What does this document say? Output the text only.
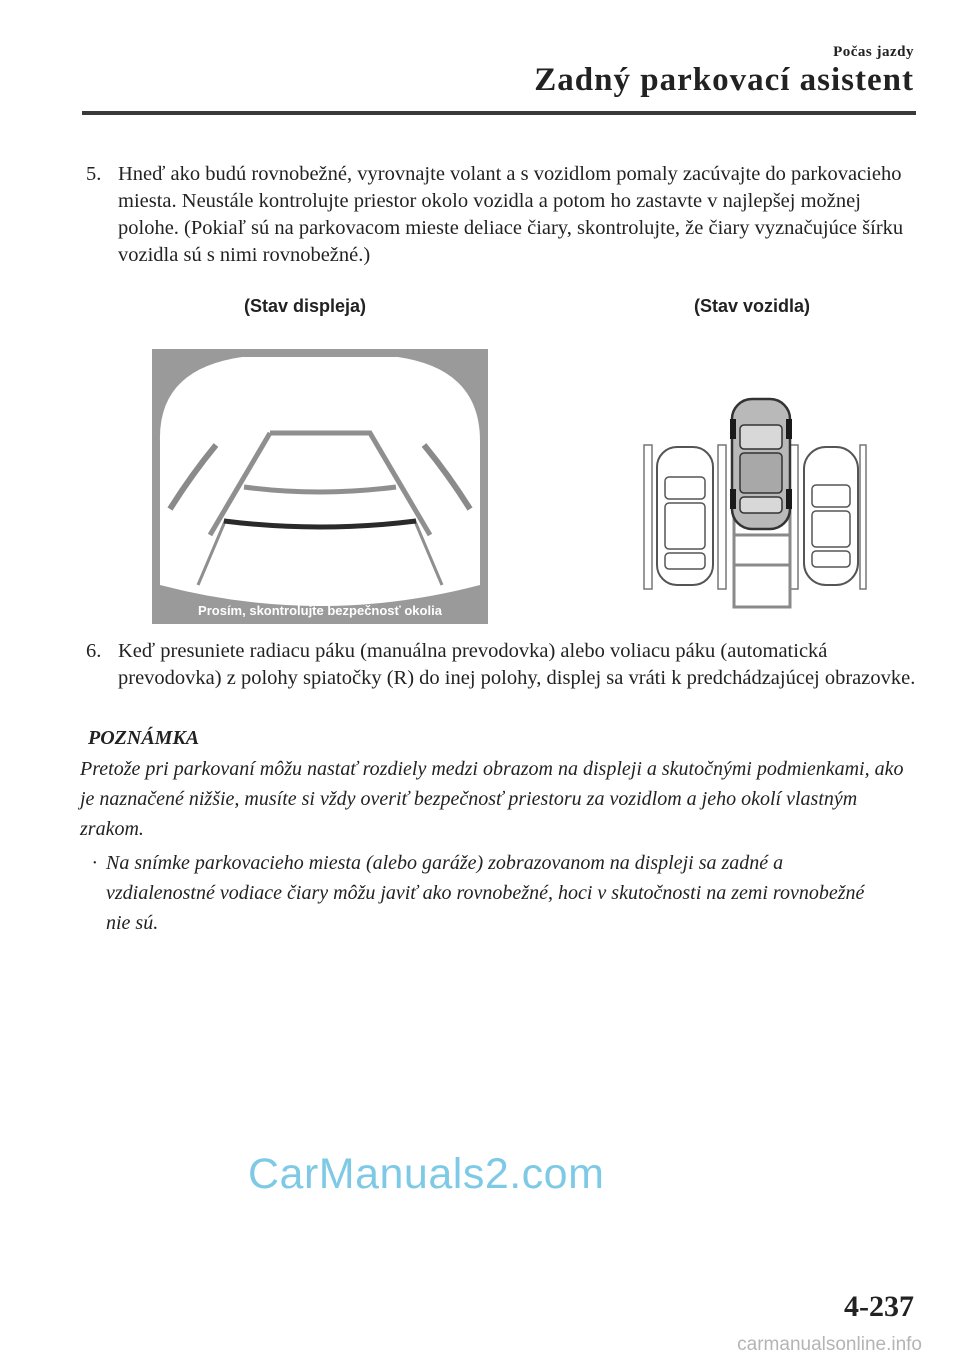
Počas jazdy
Zadný parkovací asistent
5. Hneď ako budú rovnobežné, vyrovnajte volant a s vozidlom pomaly zacúvajte do parkovacieho miesta. Neustále kontrolujte priestor okolo vozidla a potom ho zastavte v najlepšej možnej polohe. (Pokiaľ sú na parkovacom mieste deliace čiary, skontrolujte, že čiary vyznačujúce šírku vozidla sú s nimi rovnobežné.)
(Stav displeja)	(Stav vozidla)
Prosím, skontrolujte bezpečnosť okolia
6. Keď presuniete radiacu páku (manuálna prevodovka) alebo voliacu páku (automatická prevodovka) z polohy spiatočky (R) do inej polohy, displej sa vráti k predchádzajúcej obrazovke.
POZNÁMKA
Pretože pri parkovaní môžu nastať rozdiely medzi obrazom na displeji a skutočnými podmienkami, ako je naznačené nižšie, musíte si vždy overiť bezpečnosť priestoru za vozidlom a jeho okolí vlastným zrakom.
· Na snímke parkovacieho miesta (alebo garáže) zobrazovanom na displeji sa zadné a vzdialenostné vodiace čiary môžu javiť ako rovnobežné, hoci v skutočnosti na zemi rovnobežné nie sú.
CarManuals2.com
4-237
carmanualsonline.info
